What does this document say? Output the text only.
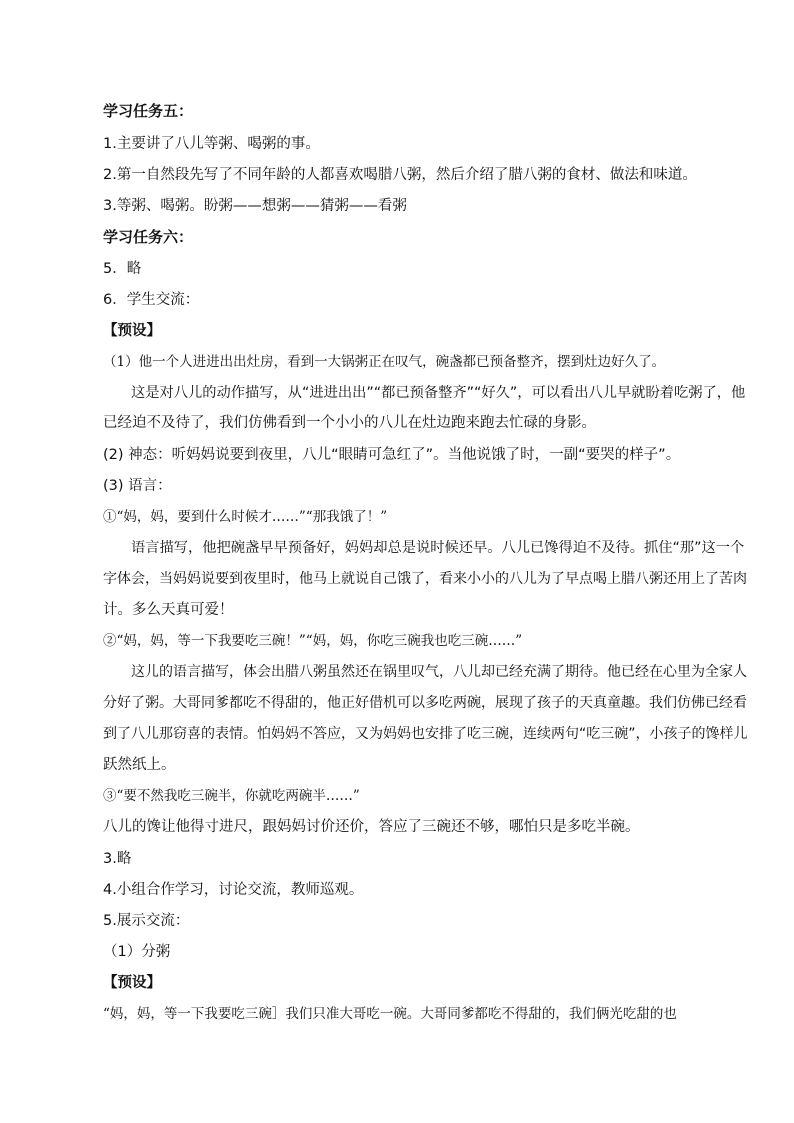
学习任务五：
1.主要讲了八儿等粥、喝粥的事。
2.第一自然段先写了不同年龄的人都喜欢喝腊八粥，然后介绍了腊八粥的食材、做法和味道。
3.等粥、喝粥。盼粥——想粥——猜粥——看粥
学习任务六：
5．略
6．学生交流：
【预设】
（1）他一个人进进出出灶房，看到一大锅粥正在叹气，碗盏都已预备整齐，摆到灶边好久了。
这是对八儿的动作描写，从“进进出出”“都已预备整齐”“好久”，可以看出八儿早就盼着吃粥了，他
已经迫不及待了，我们仿佛看到一个小小的八儿在灶边跑来跑去忙碌的身影。
(2) 神态：听妈妈说要到夜里，八儿“眼睛可急红了”。当他说饿了时，一副“要哭的样子”。
(3) 语言：
①“妈，妈，要到什么时候才……”“那我饿了！”
语言描写，他把碗盏早早预备好，妈妈却总是说时候还早。八儿已馋得迫不及待。抓住“那”这一个
字体会，当妈妈说要到夜里时，他马上就说自己饿了，看来小小的八儿为了早点喝上腊八粥还用上了苦肉
计。多么天真可爱！
②“妈，妈，等一下我要吃三碗！”“妈，妈，你吃三碗我也吃三碗……”
这儿的语言描写，体会出腊八粥虽然还在锅里叹气，八儿却已经充满了期待。他已经在心里为全家人
分好了粥。大哥同爹都吃不得甜的，他正好借机可以多吃两碗，展现了孩子的天真童趣。我们仿佛已经看
到了八儿那窃喜的表情。怕妈妈不答应，又为妈妈也安排了吃三碗，连续两句“吃三碗”，小孩子的馋样儿
跃然纸上。
③“要不然我吃三碗半，你就吃两碗半……”
八儿的馋让他得寸进尺，跟妈妈讨价还价，答应了三碗还不够，哪怕只是多吃半碗。
3.略
4.小组合作学习，讨论交流，教师巡观。
5.展示交流：
（1）分粥
【预设】
“妈，妈，等一下我要吃三碗］我们只准大哥吃一碗。大哥同爹都吃不得甜的，我们俩光吃甜的也
